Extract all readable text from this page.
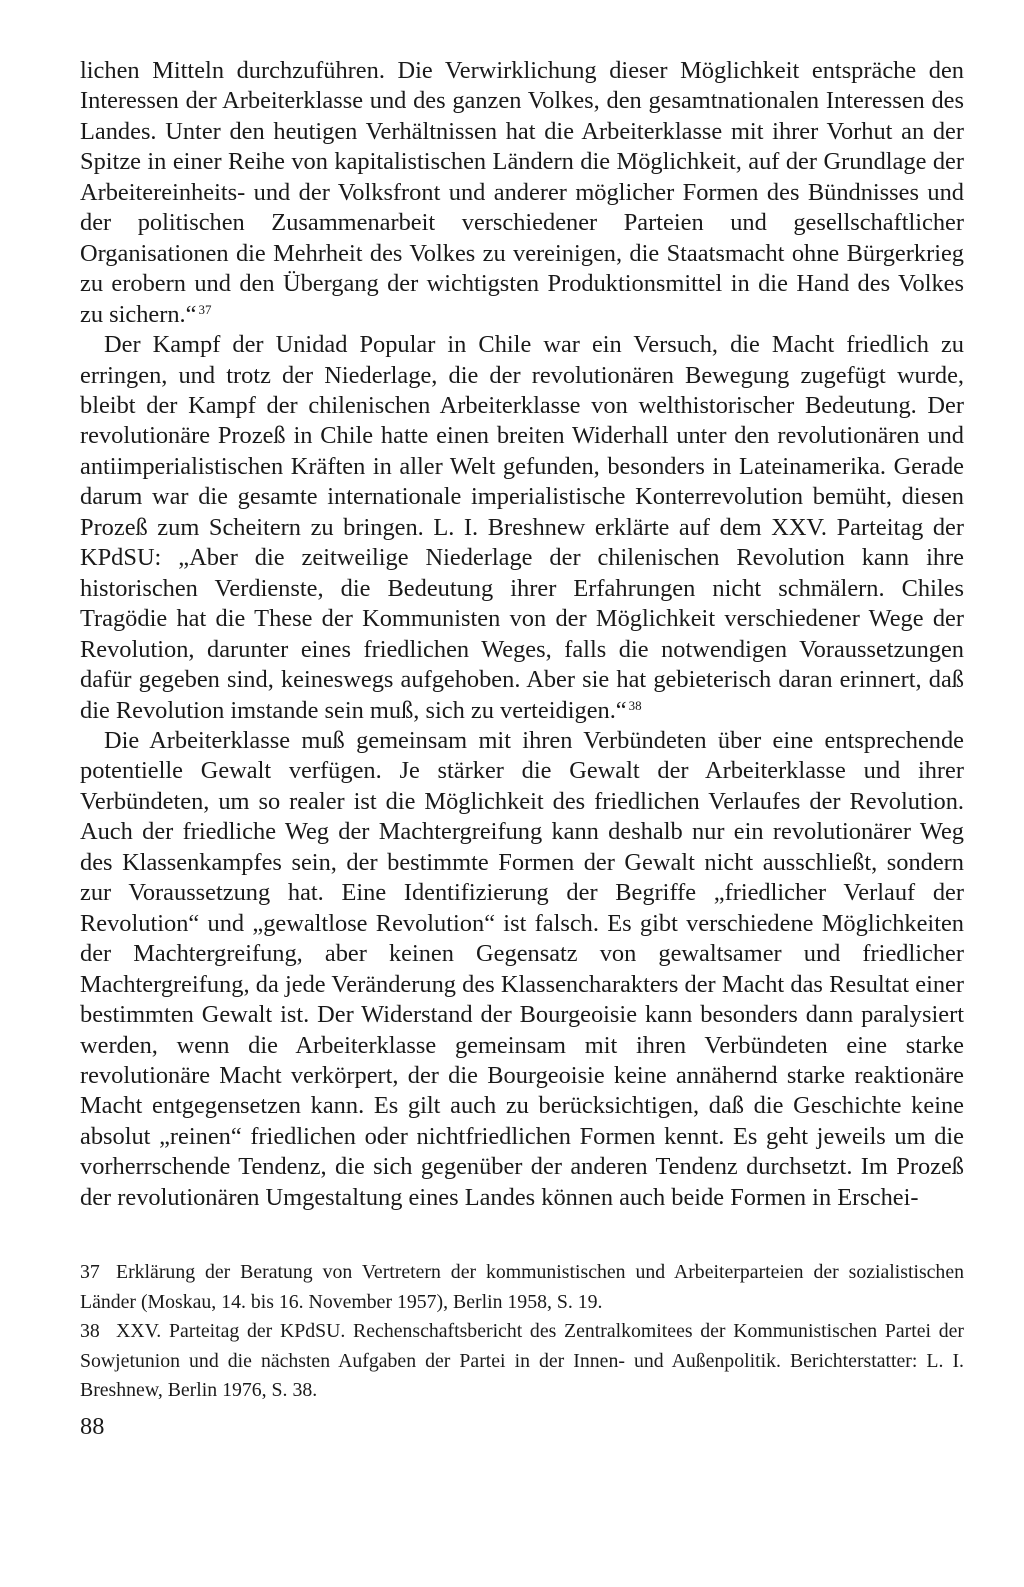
lichen Mitteln durchzuführen. Die Verwirklichung dieser Möglichkeit entspräche den Interessen der Arbeiterklasse und des ganzen Volkes, den gesamtnationalen Interessen des Landes. Unter den heutigen Verhältnissen hat die Arbeiterklasse mit ihrer Vorhut an der Spitze in einer Reihe von kapitalistischen Ländern die Möglichkeit, auf der Grundlage der Arbeitereinheits- und der Volksfront und anderer möglicher Formen des Bündnisses und der politischen Zusammenarbeit verschiedener Parteien und gesellschaftlicher Organisationen die Mehrheit des Volkes zu vereinigen, die Staatsmacht ohne Bürgerkrieg zu erobern und den Übergang der wichtigsten Produktionsmittel in die Hand des Volkes zu sichern.“ $^{37}$

Der Kampf der Unidad Popular in Chile war ein Versuch, die Macht friedlich zu erringen, und trotz der Niederlage, die der revolutionären Bewegung zugefügt wurde, bleibt der Kampf der chilenischen Arbeiterklasse von welthistorischer Bedeutung. Der revolutionäre Prozeß in Chile hatte einen breiten Widerhall unter den revolutionären und antiimperialistischen Kräften in aller Welt gefunden, besonders in Lateinamerika. Gerade darum war die gesamte internationale imperialistische Konterrevolution bemüht, diesen Prozeß zum Scheitern zu bringen. L. I. Breshnew erklärte auf dem XXV. Parteitag der KPdSU: „Aber die zeitweilige Niederlage der chilenischen Revolution kann ihre historischen Verdienste, die Bedeutung ihrer Erfahrungen nicht schmälern. Chiles Tragödie hat die These der Kommunisten von der Möglichkeit verschiedener Wege der Revolution, darunter eines friedlichen Weges, falls die notwendigen Voraussetzungen dafür gegeben sind, keineswegs aufgehoben. Aber sie hat gebieterisch daran erinnert, daß die Revolution imstande sein muß, sich zu verteidigen.“ $^{38}$

Die Arbeiterklasse muß gemeinsam mit ihren Verbündeten über eine entsprechende potentielle Gewalt verfügen. Je stärker die Gewalt der Arbeiterklasse und ihrer Verbündeten, um so realer ist die Möglichkeit des friedlichen Verlaufes der Revolution. Auch der friedliche Weg der Machtergreifung kann deshalb nur ein revolutionärer Weg des Klassenkampfes sein, der bestimmte Formen der Gewalt nicht ausschließt, sondern zur Voraussetzung hat. Eine Identifizierung der Begriffe „friedlicher Verlauf der Revolution“ und „gewaltlose Revolution“ ist falsch. Es gibt verschiedene Möglichkeiten der Machtergreifung, aber keinen Gegensatz von gewaltsamer und friedlicher Machtergreifung, da jede Veränderung des Klassencharakters der Macht das Resultat einer bestimmten Gewalt ist. Der Widerstand der Bourgeoisie kann besonders dann paralysiert werden, wenn die Arbeiterklasse gemeinsam mit ihren Verbündeten eine starke revolutionäre Macht verkörpert, der die Bourgeoisie keine annähernd starke reaktionäre Macht entgegensetzen kann. Es gilt auch zu berücksichtigen, daß die Geschichte keine absolut „reinen“ friedlichen oder nichtfriedlichen Formen kennt. Es geht jeweils um die vorherrschende Tendenz, die sich gegenüber der anderen Tendenz durchsetzt. Im Prozeß der revolutionären Umgestaltung eines Landes können auch beide Formen in Erschei-

37 Erklärung der Beratung von Vertretern der kommunistischen und Arbeiterparteien der sozialistischen Länder (Moskau, 14. bis 16. November 1957), Berlin 1958, S. 19.

38 XXV. Parteitag der KPdSU. Rechenschaftsbericht des Zentralkomitees der Kommunistischen Partei der Sowjetunion und die nächsten Aufgaben der Partei in der Innen- und Außenpolitik. Berichterstatter: L. I. Breshnew, Berlin 1976, S. 38.

88
